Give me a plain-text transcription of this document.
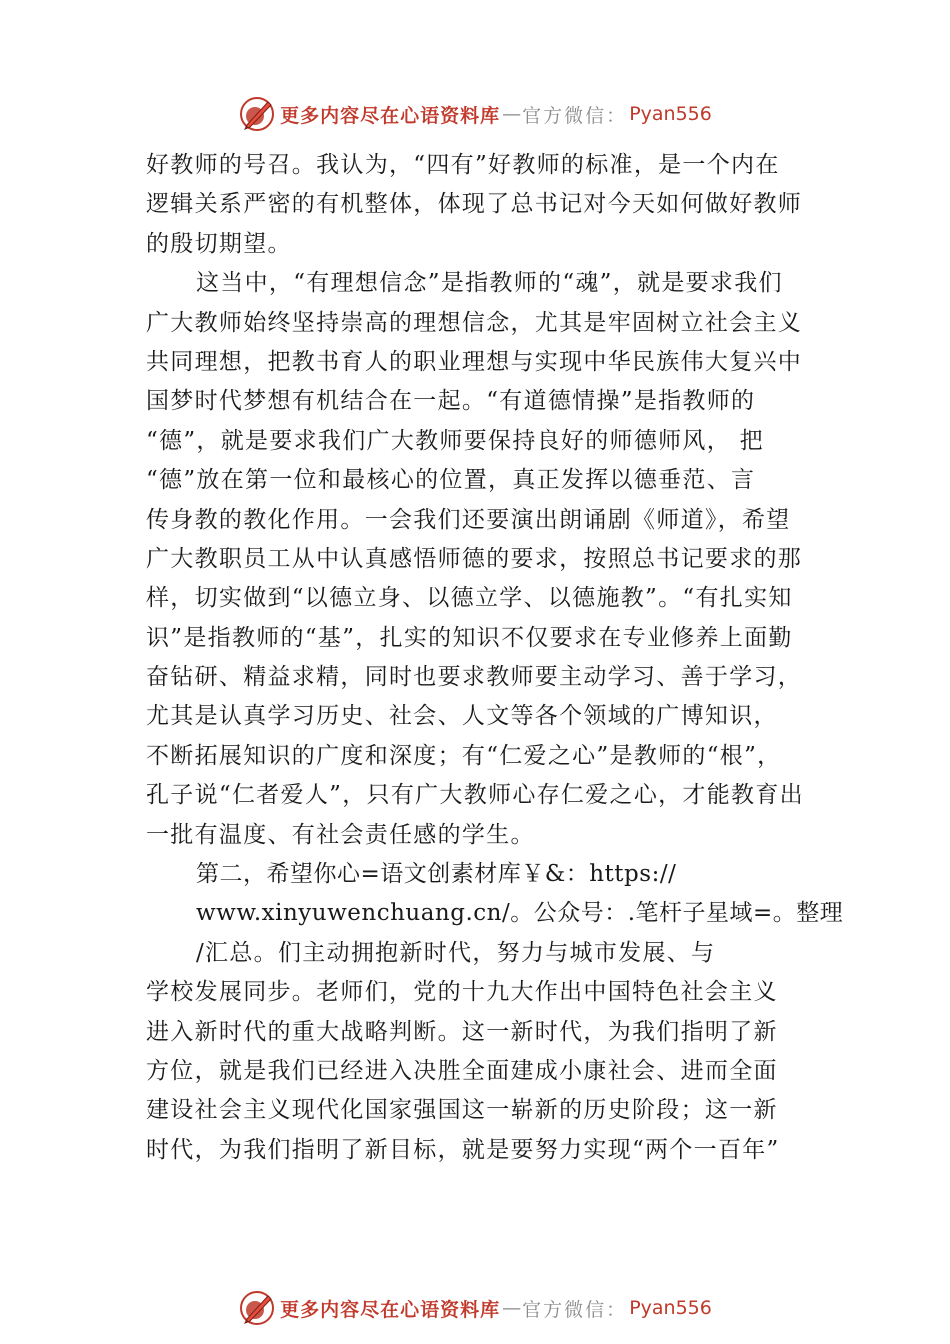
更多内容尽在心语资料库 — 官方微信： Pyan556
好教师的号召。我认为，“四有”好教师的标准，是一个内在
逻辑关系严密的有机整体，体现了总书记对今天如何做好教师
的殷切期望。
这当中，“有理想信念”是指教师的“魂”，就是要求我们
广大教师始终坚持崇高的理想信念，尤其是牢固树立社会主义
共同理想，把教书育人的职业理想与实现中华民族伟大复兴中
国梦时代梦想有机结合在一起。“有道德情操”是指教师的
“德”，就是要求我们广大教师要保持良好的师德师风， 把
“德”放在第一位和最核心的位置，真正发挥以德垂范、言
传身教的教化作用。一会我们还要演出朗诵剧《师道》，希望
广大教职员工从中认真感悟师德的要求，按照总书记要求的那
样，切实做到“以德立身、以德立学、以德施教”。“有扎实知
识”是指教师的“基”，扎实的知识不仅要求在专业修养上面勤
奋钻研、精益求精，同时也要求教师要主动学习、善于学习，
尤其是认真学习历史、社会、人文等各个领域的广博知识，
不断拓展知识的广度和深度；有“仁爱之心”是教师的“根”，
孔子说“仁者爱人”，只有广大教师心存仁爱之心，才能教育出
一批有温度、有社会责任感的学生。
第二，希望你心=语文创素材库￥&：https://
www.xinyuwenchuang.cn/。公众号：.笔杆子星域=。整理
/汇总。们主动拥抱新时代，努力与城市发展、与
学校发展同步。老师们，党的十九大作出中国特色社会主义
进入新时代的重大战略判断。这一新时代，为我们指明了新
方位，就是我们已经进入决胜全面建成小康社会、进而全面
建设社会主义现代化国家强国这一崭新的历史阶段；这一新
时代，为我们指明了新目标，就是要努力实现“两个一百年”
更多内容尽在心语资料库 — 官方微信： Pyan556
